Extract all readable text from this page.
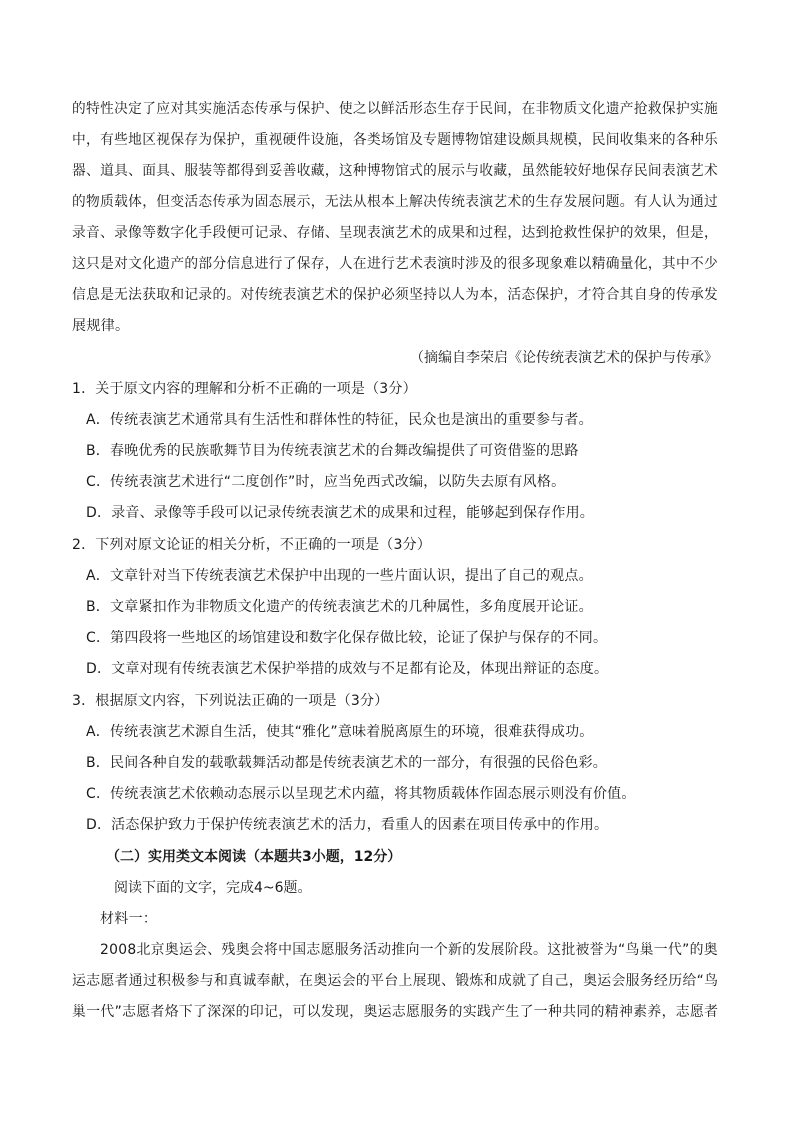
的特性决定了应对其实施活态传承与保护、使之以鲜活形态生存于民间，在非物质文化遗产抢救保护实施
中，有些地区视保存为保护，重视硬件设施，各类场馆及专题博物馆建设颇具规模，民间收集来的各种乐
器、道具、面具、服装等都得到妥善收藏，这种博物馆式的展示与收藏，虽然能较好地保存民间表演艺术
的物质载体，但变活态传承为固态展示，无法从根本上解决传统表演艺术的生存发展问题。有人认为通过
录音、录像等数字化手段便可记录、存储、呈现表演艺术的成果和过程，达到抢救性保护的效果，但是，
这只是对文化遗产的部分信息进行了保存，人在进行艺术表演时涉及的很多现象难以精确量化，其中不少
信息是无法获取和记录的。对传统表演艺术的保护必须坚持以人为本，活态保护，才符合其自身的传承发
展规律。
（摘编自李荣启《论传统表演艺术的保护与传承》
1．关于原文内容的理解和分析不正确的一项是（3分）
A．传统表演艺术通常具有生活性和群体性的特征，民众也是演出的重要参与者。
B．春晚优秀的民族歌舞节目为传统表演艺术的台舞改编提供了可资借鉴的思路
C．传统表演艺术进行“二度创作”时，应当免西式改编，以防失去原有风格。
D．录音、录像等手段可以记录传统表演艺术的成果和过程，能够起到保存作用。
2．下列对原文论证的相关分析，不正确的一项是（3分）
A．文章针对当下传统表演艺术保护中出现的一些片面认识，提出了自己的观点。
B．文章紧扣作为非物质文化遗产的传统表演艺术的几种属性，多角度展开论证。
C．第四段将一些地区的场馆建设和数字化保存做比较，论证了保护与保存的不同。
D．文章对现有传统表演艺术保护举措的成效与不足都有论及，体现出辩证的态度。
3．根据原文内容，下列说法正确的一项是（3分）
A．传统表演艺术源自生活，使其“雅化”意味着脱离原生的环境，很难获得成功。
B．民间各种自发的载歌载舞活动都是传统表演艺术的一部分，有很强的民俗色彩。
C．传统表演艺术依赖动态展示以呈现艺术内蕴，将其物质载体作固态展示则没有价值。
D．活态保护致力于保护传统表演艺术的活力，看重人的因素在项目传承中的作用。
（二）实用类文本阅读（本题共3小题，12分）
阅读下面的文字，完成4~6题。
材料一：
2008北京奥运会、残奥会将中国志愿服务活动推向一个新的发展阶段。这批被誉为“鸟巢一代”的奥
运志愿者通过积极参与和真诚奉献，在奥运会的平台上展现、锻炼和成就了自己，奥运会服务经历给“鸟
巢一代”志愿者烙下了深深的印记，可以发现，奥运志愿服务的实践产生了一种共同的精神素养，志愿者
